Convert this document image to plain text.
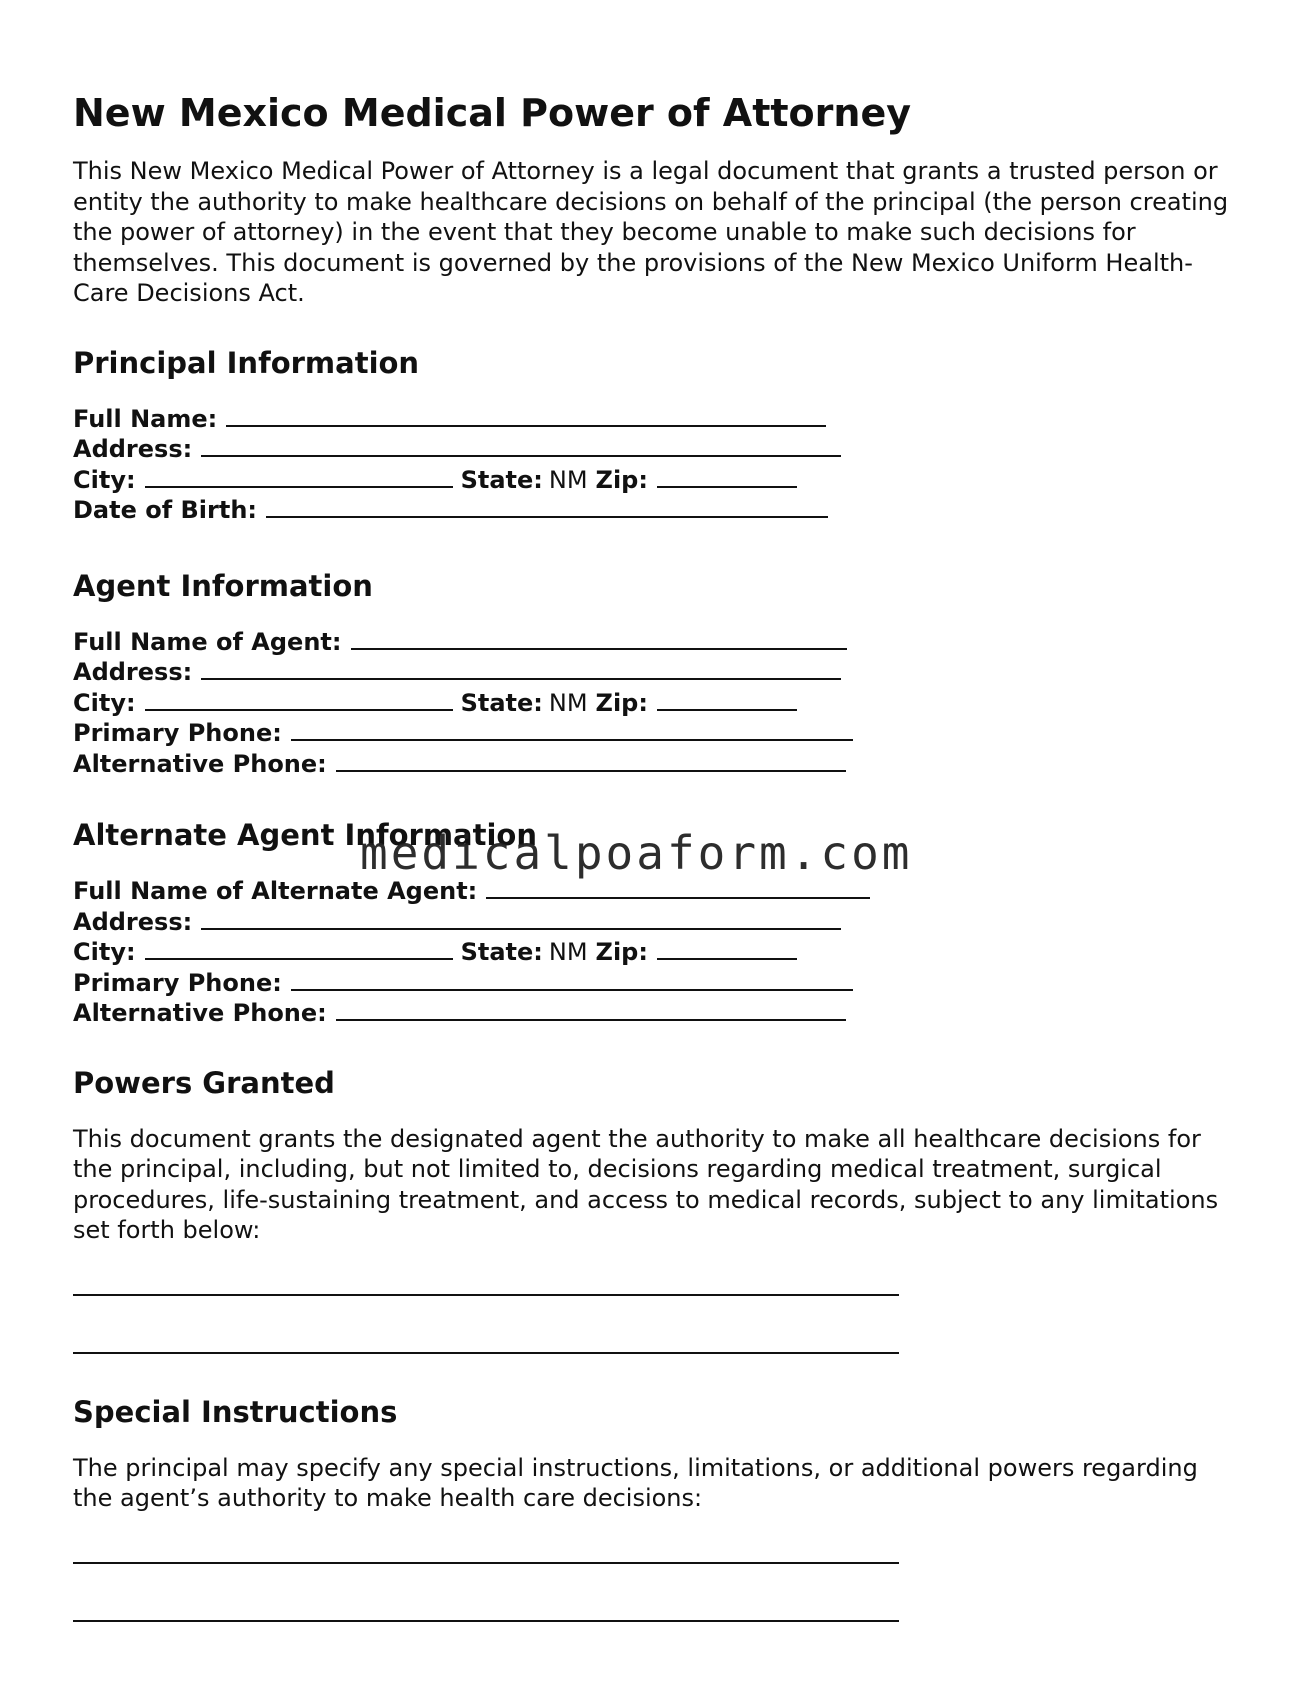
New Mexico Medical Power of Attorney

This New Mexico Medical Power of Attorney is a legal document that grants a trusted person or entity the authority to make healthcare decisions on behalf of the principal (the person creating the power of attorney) in the event that they become unable to make such decisions for themselves. This document is governed by the provisions of the New Mexico Uniform Health-Care Decisions Act.

Principal Information
Full Name:
Address:
City:	State: NM Zip:
Date of Birth:
Agent Information
Full Name of Agent:
Address:
City:	State: NM Zip:
Primary Phone:
Alternative Phone:
Alternate Agent Information
Full Name of Alternate Agent:
Address:
City:	State: NM Zip:
Primary Phone:
Alternative Phone:
Powers Granted

This document grants the designated agent the authority to make all healthcare decisions for the principal, including, but not limited to, decisions regarding medical treatment, surgical procedures, life-sustaining treatment, and access to medical records, subject to any limitations set forth below:

Special Instructions

The principal may specify any special instructions, limitations, or additional powers regarding the agent’s authority to make health care decisions:

medicalpoaform.com
